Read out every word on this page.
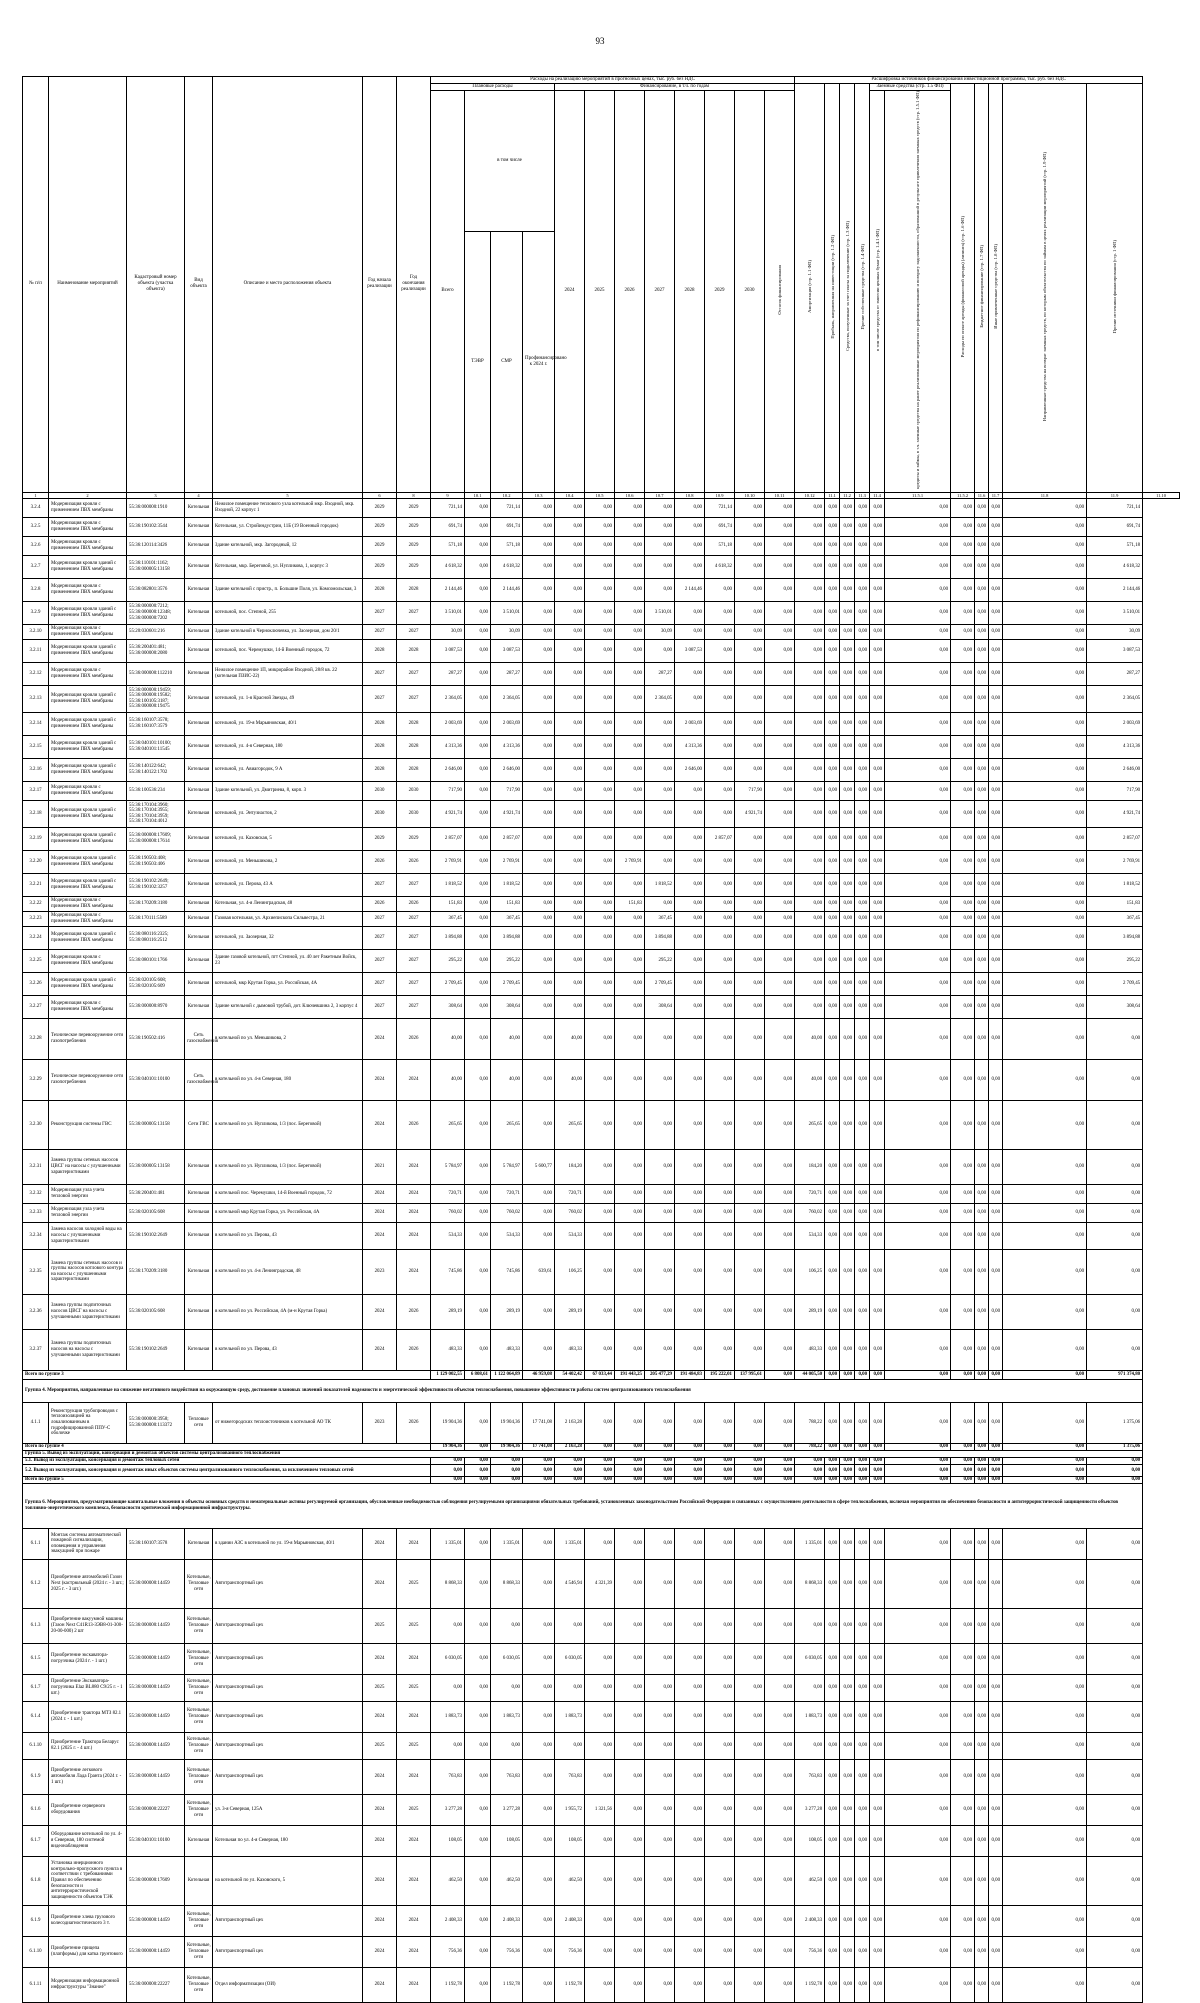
93
№ п/п	Наименование мероприятий	Кадастровый номер объекта (участка объекта)	Вид объекта	Описание и место расположения объекта	Год начала реализации	Год окончания реализации	Расходы на реализацию мероприятий в прогнозных ценах, тыс. руб. без НДС												Расшифровка источников финансирования инвестиционной программы, тыс. руб. без НДС											
							Плановые расходы				Финансирование, в т.ч. по годам								Амортизация (стр. 1.1 ФП)	Прибыль, направленная на инвестиции (стр. 1.2 ФП)	Средства, полученные за счет платы за подключение (стр. 1.3 ФП)	Прочие собственные средства (стр. 1.4 ФП)	Заемные средства (стр. 1.5 ФП)		Расходы по оплате аренды (финансовой аренды) (лизинга) (стр. 1.6 ФП)	Бюджетное финансирование (стр. 1.7 ФП)	Иные привлеченные средства (стр. 1.8 ФП)	Направленные средства на возврат заемных средств, по которым обязательства по займам в целях реализации мероприятий (стр. 1.9 ФП)	Прочие источники финансирования (стр. 1 ФП)	
							Всего	в том числе			2024	2025	2026	2027	2028	2029	2030	Остаток финансирования					в том числе средства от эмиссии ценных бумаг (стр. 1.4.1 ФП)	кредиты и займы, в т.ч. заемные средства на ранее реализованные мероприятия по рефинансированию и возврату задолженности, образованной в результате привлечения заемных средств (стр. 1.5.1 ФП)						
								ТЭВР	СМР	Профинансировано к 2024 г.																				
1	2	3	4	5	6	8	9	10.1	10.2	10.3	10.4	10.5	10.6	10.7	10.8	10.9	10.10	10.11	10.12	11.1	11.2	11.3	11.4	11.5.1	11.5.2	11.6	11.7	11.8	11.9	11.10
3.2.4	Модернизация кровли с применением ПВХ мембраны	55:36:000000:1910	Котельная	Нежилое помещение теплового узла котельной мкр. Входной, мкр. Входной, 22 корпус 1	2029	2029	721,14	0,00	721,14	0,00	0,00	0,00	0,00	0,00	0,00	721,14	0,00	0,00	0,00	0,00	0,00	0,00	0,00	0,00	0,00	0,00	0,00	0,00	721,14	
3.2.5	Модернизация кровли с применением ПВХ мембраны	55:36:190102:3544	Котельная	Котельная, ул. Стройиндустрии, 11Б (19 Военный городок)	2029	2029	691,74	0,00	691,74	0,00	0,00	0,00	0,00	0,00	0,00	691,74	0,00	0,00	0,00	0,00	0,00	0,00	0,00	0,00	0,00	0,00	0,00	0,00	691,74	
3.2.6	Модернизация кровли с применением ПВХ мембраны	55:36:120114:3426	Котельная	Здание котельной, мкр. Загородный, 12	2029	2029	571,18	0,00	571,18	0,00	0,00	0,00	0,00	0,00	0,00	571,18	0,00	0,00	0,00	0,00	0,00	0,00	0,00	0,00	0,00	0,00	0,00	0,00	571,18	
3.2.7	Модернизация кровли зданий с применением ПВХ мембраны	55:36:110101:1162; 55:36:000005:13158	Котельная	Котельная, мкр. Береговой, ул. Нупликова, 1, корпус 3	2029	2029	4 618,32	0,00	4 618,32	0,00	0,00	0,00	0,00	0,00	0,00	4 618,32	0,00	0,00	0,00	0,00	0,00	0,00	0,00	0,00	0,00	0,00	0,00	0,00	4 618,32	
3.2.8	Модернизация кровли с применением ПВХ мембраны	55:36:082801:3576	Котельная	Здание котельной с пристр., п. Большие Поля, ул. Комсомольская, 3	2028	2028	2 144,46	0,00	2 144,46	0,00	0,00	0,00	0,00	0,00	2 144,46	0,00	0,00	0,00	0,00	0,00	0,00	0,00	0,00	0,00	0,00	0,00	0,00	0,00	2 144,46	
3.2.9	Модернизация кровли зданий с применением ПВХ мембраны	55:36:000000:7212; 55:36:000000:12348; 55:36:000000:7202	Котельная	котельной, пос. Степной, 255	2027	2027	3 510,01	0,00	3 510,01	0,00	0,00	0,00	0,00	3 510,01	0,00	0,00	0,00	0,00	0,00	0,00	0,00	0,00	0,00	0,00	0,00	0,00	0,00	0,00	3 510,01	
3.2.10	Модернизация кровли с применением ПВХ мембраны	55:20:030601:216	Котельная	Здание котельной в Черноключевка, ул. Заозерная, дом 20/1	2027	2027	30,09	0,00	30,09	0,00	0,00	0,00	0,00	30,09	0,00	0,00	0,00	0,00	0,00	0,00	0,00	0,00	0,00	0,00	0,00	0,00	0,00	0,00	30,09	
3.2.11	Модернизация кровли зданий с применением ПВХ мембраны	55:36:200401:481; 55:36:000000:2080	Котельная	котельной, пос. Черемушки, 14-й Военный городок, 72	2028	2028	3 087,53	0,00	3 087,53	0,00	0,00	0,00	0,00	0,00	3 087,53	0,00	0,00	0,00	0,00	0,00	0,00	0,00	0,00	0,00	0,00	0,00	0,00	0,00	3 087,53	
3.2.12	Модернизация кровли с применением ПВХ мембраны	55:36:000000:112210	Котельная	Нежилое помещение 1П, микрорайон Входной, 28/8 кв. 22 (котельная ПЗИС-22)	2027	2027	287,27	0,00	287,27	0,00	0,00	0,00	0,00	287,27	0,00	0,00	0,00	0,00	0,00	0,00	0,00	0,00	0,00	0,00	0,00	0,00	0,00	0,00	287,27	
3.2.13	Модернизация кровли зданий с применением ПВХ мембраны	55:36:000000:19459; 55:36:000000:19582; 55:36:100105:3187; 55:36:000000:19475	Котельная	котельной, ул. 1-я Красной Звезды, 49	2027	2027	2 364,05	0,00	2 364,05	0,00	0,00	0,00	0,00	2 364,05	0,00	0,00	0,00	0,00	0,00	0,00	0,00	0,00	0,00	0,00	0,00	0,00	0,00	0,00	2 364,05	
3.2.14	Модернизация кровли зданий с применением ПВХ мембраны	55:36:160107:3578; 55:36:160107:3579	Котельная	котельной, ул. 19-я Марьяновская, 40/1	2028	2028	2 003,69	0,00	2 003,69	0,00	0,00	0,00	0,00	0,00	2 003,69	0,00	0,00	0,00	0,00	0,00	0,00	0,00	0,00	0,00	0,00	0,00	0,00	0,00	2 003,69	
3.2.15	Модернизация кровли зданий с применением ПВХ мембраны	55:36:040101:10100; 55:36:040101:11545	Котельная	котельной, ул. 4-я Северная, 180	2028	2028	4 313,36	0,00	4 313,36	0,00	0,00	0,00	0,00	0,00	4 313,36	0,00	0,00	0,00	0,00	0,00	0,00	0,00	0,00	0,00	0,00	0,00	0,00	0,00	4 313,36	
3.2.16	Модернизация кровли зданий с применением ПВХ мембраны	55:36:140122:642; 55:36:140122:1702	Котельная	котельной, ул. Авиагородок, 9 А	2028	2028	2 646,00	0,00	2 646,00	0,00	0,00	0,00	0,00	0,00	2 646,00	0,00	0,00	0,00	0,00	0,00	0,00	0,00	0,00	0,00	0,00	0,00	0,00	0,00	2 646,00	
3.2.17	Модернизация кровли с применением ПВХ мембраны	55:36:100536:234	Котельная	Здание котельной, ул. Дмитриева, 8, корп. 3	2030	2030	717,90	0,00	717,90	0,00	0,00	0,00	0,00	0,00	0,00	0,00	717,90	0,00	0,00	0,00	0,00	0,00	0,00	0,00	0,00	0,00	0,00	0,00	717,90	
3.2.18	Модернизация кровли зданий с применением ПВХ мембраны	55:36:170104:3960; 55:36:170104:3955; 55:36:170104:3959; 55:36:170104:4012	Котельная	котельной, ул. Энтузиастов, 2	2030	2030	4 921,74	0,00	4 921,74	0,00	0,00	0,00	0,00	0,00	0,00	0,00	4 921,74	0,00	0,00	0,00	0,00	0,00	0,00	0,00	0,00	0,00	0,00	0,00	4 921,74	
3.2.19	Модернизация кровли зданий с применением ПВХ мембраны	55:36:000000:17609; 55:36:000000:17614	Котельная	котельной, ул. Каховская, 5	2029	2029	2 857,07	0,00	2 857,07	0,00	0,00	0,00	0,00	0,00	0,00	2 857,07	0,00	0,00	0,00	0,00	0,00	0,00	0,00	0,00	0,00	0,00	0,00	0,00	2 857,07	
3.2.20	Модернизация кровли зданий с применением ПВХ мембраны	55:36:190503:408; 55:36:190503:406	Котельная	котельной, ул. Меньшикова, 2	2026	2026	2 769,91	0,00	2 769,91	0,00	0,00	0,00	2 769,91	0,00	0,00	0,00	0,00	0,00	0,00	0,00	0,00	0,00	0,00	0,00	0,00	0,00	0,00	0,00	2 769,91	
3.2.21	Модернизация кровли зданий с применением ПВХ мембраны	55:36:190102:2649; 55:36:190102:3257	Котельная	котельной, ул. Перова, 43 А	2027	2027	1 818,52	0,00	1 818,52	0,00	0,00	0,00	0,00	1 818,52	0,00	0,00	0,00	0,00	0,00	0,00	0,00	0,00	0,00	0,00	0,00	0,00	0,00	0,00	1 818,52	
3.2.22	Модернизация кровли с применением ПВХ мембраны	55:36:170209:3180	Котельная	Котельная, ул. 4-я Ленинградская, 48	2026	2026	151,83	0,00	151,83	0,00	0,00	0,00	151,83	0,00	0,00	0,00	0,00	0,00	0,00	0,00	0,00	0,00	0,00	0,00	0,00	0,00	0,00	0,00	151,83	
3.2.23	Модернизация кровли с применением ПВХ мембраны	55:36:170111:5589	Котельная	Газовая котельная, ул. Архиепископа Сильвестра, 21	2027	2027	367,45	0,00	367,45	0,00	0,00	0,00	0,00	367,45	0,00	0,00	0,00	0,00	0,00	0,00	0,00	0,00	0,00	0,00	0,00	0,00	0,00	0,00	367,45	
3.2.24	Модернизация кровли зданий с применением ПВХ мембраны	55:36:080116:2325; 55:36:080116:2512	Котельная	котельной, ул. Заозерная, 32	2027	2027	3 894,88	0,00	3 894,88	0,00	0,00	0,00	0,00	3 894,88	0,00	0,00	0,00	0,00	0,00	0,00	0,00	0,00	0,00	0,00	0,00	0,00	0,00	0,00	3 894,88	
3.2.25	Модернизация кровли с применением ПВХ мембраны	55:36:080101:1766	Котельная	Здание газовой котельной, пгт Степной, ул. 40 лет Ракетным Войск, 23	2027	2027	295,22	0,00	295,22	0,00	0,00	0,00	0,00	295,22	0,00	0,00	0,00	0,00	0,00	0,00	0,00	0,00	0,00	0,00	0,00	0,00	0,00	0,00	295,22	
3.2.26	Модернизация кровли зданий с применением ПВХ мембраны	55:36:020105:608; 55:36:020105:609	Котельная	котельной, мкр Крутая Горка, ул. Российская, 4А	2027	2027	2 709,45	0,00	2 709,45	0,00	0,00	0,00	0,00	2 709,45	0,00	0,00	0,00	0,00	0,00	0,00	0,00	0,00	0,00	0,00	0,00	0,00	0,00	0,00	2 709,45	
3.2.27	Модернизация кровли с применением ПВХ мембраны	55:36:000000:8970	Котельная	Здание котельной с дымовой трубой, дот. Ключевшина 2, 3 корпус 4	2027	2027	308,64	0,00	308,64	0,00	0,00	0,00	0,00	308,64	0,00	0,00	0,00	0,00	0,00	0,00	0,00	0,00	0,00	0,00	0,00	0,00	0,00	0,00	308,64	
3.2.28	Техническое перевооружение сети газопотребления	55:36:190502:416	Сеть газоснабжения	в котельной по ул. Меньшикова, 2	2024	2026	40,00	0,00	40,00	0,00	40,00	0,00	0,00	0,00	0,00	0,00	0,00	0,00	40,00	0,00	0,00	0,00	0,00	0,00	0,00	0,00	0,00	0,00	0,00	
3.2.29	Техническое перевооружение сети газопотребления	55:36:040101:10100	Сеть газоснабжения	в котельной по ул. 4-я Северная, 180	2024	2024	40,00	0,00	40,00	0,00	40,00	0,00	0,00	0,00	0,00	0,00	0,00	0,00	40,00	0,00	0,00	0,00	0,00	0,00	0,00	0,00	0,00	0,00	0,00	
3.2.30	Реконструкция системы ГВС	55:36:000005:13158	Сети ГВС	в котельной по ул. Нупликова, 1/3 (пос. Береговой)	2024	2026	265,65	0,00	265,65	0,00	265,65	0,00	0,00	0,00	0,00	0,00	0,00	0,00	265,65	0,00	0,00	0,00	0,00	0,00	0,00	0,00	0,00	0,00	0,00	
3.2.31	Замена группы сетевых насосов ЦВСГ на насосы с улучшенными характеристиками	55:36:000005:13158	Котельная	в котельной по ул. Нупликова, 1/3 (пос. Береговой)	2021	2024	5 784,97	0,00	5 784,97	5 600,77	184,20	0,00	0,00	0,00	0,00	0,00	0,00	0,00	184,20	0,00	0,00	0,00	0,00	0,00	0,00	0,00	0,00	0,00	0,00	
3.2.32	Модернизация узла учета тепловой энергии	55:36:200401:481	Котельная	в котельной пос. Черемушки, 14-й Военный городок, 72	2024	2024	720,71	0,00	720,71	0,00	720,71	0,00	0,00	0,00	0,00	0,00	0,00	0,00	720,71	0,00	0,00	0,00	0,00	0,00	0,00	0,00	0,00	0,00	0,00	
3.2.33	Модернизация узла учета тепловой энергии	55:36:020105:608	Котельная	в котельной мкр Крутая Горка, ул. Российская, 4А	2024	2024	760,02	0,00	760,02	0,00	760,02	0,00	0,00	0,00	0,00	0,00	0,00	0,00	760,02	0,00	0,00	0,00	0,00	0,00	0,00	0,00	0,00	0,00	0,00	
3.2.34	Замена насосов холодной воды на насосы с улучшенными характеристиками	55:36:190102:2649	Котельная	в котельной по ул. Перова, 43	2024	2024	534,33	0,00	534,33	0,00	534,33	0,00	0,00	0,00	0,00	0,00	0,00	0,00	534,33	0,00	0,00	0,00	0,00	0,00	0,00	0,00	0,00	0,00	0,00	
3.2.35	Замена группы сетевых насосов и группы насосов котлового контура на насосы с улучшенными характеристиками	55:36:170209:3180	Котельная	в котельной по ул. 4-я Ленинградская, 48	2023	2024	745,86	0,00	745,86	639,61	106,25	0,00	0,00	0,00	0,00	0,00	0,00	0,00	106,25	0,00	0,00	0,00	0,00	0,00	0,00	0,00	0,00	0,00	0,00	
3.2.36	Замена группы подпиточных насосов ЦВСГ на насосы с улучшенными характеристиками	55:36:020105:608	Котельная	в котельной по ул. Российская, 4А (м-н Крутая Горка)	2024	2026	289,19	0,00	289,19	0,00	289,19	0,00	0,00	0,00	0,00	0,00	0,00	0,00	289,19	0,00	0,00	0,00	0,00	0,00	0,00	0,00	0,00	0,00	0,00	
3.2.37	Замена группы подпиточных насосов на насосы с улучшенными характеристиками	55:36:190102:2649	Котельная	в котельной по ул. Перова, 43	2024	2026	483,33	0,00	483,33	0,00	483,33	0,00	0,00	0,00	0,00	0,00	0,00	0,00	483,33	0,00	0,00	0,00	0,00	0,00	0,00	0,00	0,00	0,00	0,00	
Всего по группе 3							1 129 002,55	6 808,61	1 122 064,89	46 959,08	54 402,42	67 033,44	191 443,25	205 477,29	191 484,83	195 222,01	137 995,61	0,00	44 005,50	0,00	0,00	0,00	0,00	0,00	0,00	0,00	0,00	0,00	971 374,80	
Группа 4. Мероприятия, направленные на снижение негативного воздействия на окружающую среду, достижение плановых значений показателей надежности и энергетической эффективности объектов теплоснабжения, повышение эффективности работы систем централизованного теплоснабжения																														
4.1.1	Реконструкция трубопроводов с теплоизоляцией на локализованным в гидрофицированной ППУ-С оболочке	55:36:000000:3958; 55:36:000000:113372	Тепловые сети	от нижегородских теплоисточников к котельной АО ТК	2023	2026	19 904,36	0,00	19 904,36	17 741,08	2 163,28	0,00	0,00	0,00	0,00	0,00	0,00	0,00	788,22	0,00	0,00	0,00	0,00	0,00	0,00	0,00	0,00	0,00	1 375,06	
Всего по группе 4							19 904,36	0,00	19 904,36	17 741,08	2 163,28	0,00	0,00	0,00	0,00	0,00	0,00	0,00	788,22	0,00	0,00	0,00	0,00	0,00	0,00	0,00	0,00	0,00	1 375,06	
Группа 5. Вывод из эксплуатации, консервация и демонтаж объектов системы централизованного теплоснабжения																														
5.1. Вывод из эксплуатации, консервация и демонтаж тепловых сетей							0,00	0,00	0,00	0,00	0,00	0,00	0,00	0,00	0,00	0,00	0,00	0,00	0,00	0,00	0,00	0,00	0,00	0,00	0,00	0,00	0,00	0,00	0,00	
5.2. Вывод из эксплуатации, консервация и демонтаж иных объектов системы централизованного теплоснабжения, за исключением тепловых сетей							0,00	0,00	0,00	0,00	0,00	0,00	0,00	0,00	0,00	0,00	0,00	0,00	0,00	0,00	0,00	0,00	0,00	0,00	0,00	0,00	0,00	0,00	0,00	
Всего по группе 5							0,00	0,00	0,00	0,00	0,00	0,00	0,00	0,00	0,00	0,00	0,00	0,00	0,00	0,00	0,00	0,00	0,00	0,00	0,00	0,00	0,00	0,00	0,00	
Группа 6. Мероприятия, предусматривающие капитальные вложения в объекты основных средств и нематериальные активы регулируемой организации, обусловленные необходимостью соблюдения регулируемыми организациями обязательных требований, установленных законодательством Российской Федерации и связанных с осуществлением деятельности в сфере теплоснабжения, включая мероприятия по обеспечению безопасности и антитеррористической защищенности объектов топливно-энергетического комплекса, безопасности критической информационной инфраструктуры.																														
6.1.1	Монтаж системы автоматической пожарной сигнализации, оповещения и управления эвакуацией при пожаре	55:36:160107:3578	Котельная	в здании АЗС в котельной по ул. 19-я Марьяновская, 40/1	2024	2024	1 335,01	0,00	1 335,01	0,00	1 335,01	0,00	0,00	0,00	0,00	0,00	0,00	0,00	1 335,01	0,00	0,00	0,00	0,00	0,00	0,00	0,00	0,00	0,00	0,00	
6.1.2	Приобретение автомобилей Газон Next (кастрюльный (2024 г. - 3 шт.; 2025 г. - 3 шт.)	55:36:000000:14459	Котельные, Тепловые сети	Автотранспортный цех	2024	2025	8 868,33	0,00	8 868,33	0,00	4 546,94	4 321,39	0,00	0,00	0,00	0,00	0,00	0,00	8 868,33	0,00	0,00	0,00	0,00	0,00	0,00	0,00	0,00	0,00	0,00	
6.1.3	Приобретение вакуумной машины (Газон Next C41R13-ЗЭВ8-01-300-20-00-000) 2 шт	55:36:000000:14459	Котельные, Тепловые сети	Автотранспортный цех	2025	2025	0,00	0,00	0,00	0,00	0,00	0,00	0,00	0,00	0,00	0,00	0,00	0,00	0,00	0,00	0,00	0,00	0,00	0,00	0,00	0,00	0,00	0,00	0,00	
6.1.5	Приобретение экскаватора-погрузчика (2024 г. - 1 шт.)	55:36:000000:14459	Котельные, Тепловые сети	Автотранспортный цех	2024	2024	6 030,05	0,00	6 030,05	0,00	6 030,05	0,00	0,00	0,00	0,00	0,00	0,00	0,00	6 030,05	0,00	0,00	0,00	0,00	0,00	0,00	0,00	0,00	0,00	0,00	
6.1.7	Приобретение Экскаватора-погрузчика Elaz BL880 C9/25 г. - 1 шт.)	55:36:000000:14459	Котельные, Тепловые сети	Автотранспортный цех	2025	2025	0,00	0,00	0,00	0,00	0,00	0,00	0,00	0,00	0,00	0,00	0,00	0,00	0,00	0,00	0,00	0,00	0,00	0,00	0,00	0,00	0,00	0,00	0,00	
6.1.4	Приобретение трактора МТЗ 82.1 (2024 г. - 1 шт.)	55:36:000000:14459	Котельные, Тепловые сети	Автотранспортный цех	2024	2024	1 883,73	0,00	1 883,73	0,00	1 883,73	0,00	0,00	0,00	0,00	0,00	0,00	0,00	1 883,73	0,00	0,00	0,00	0,00	0,00	0,00	0,00	0,00	0,00	0,00	
6.1.10	Приобретение Трактора Беларус 82.1 (2025 г. - 4 шт.)	55:36:000000:14459	Котельные, Тепловые сети	Автотранспортный цех	2025	2025	0,00	0,00	0,00	0,00	0,00	0,00	0,00	0,00	0,00	0,00	0,00	0,00	0,00	0,00	0,00	0,00	0,00	0,00	0,00	0,00	0,00	0,00	0,00	
6.1.9	Приобретение легкового автомобиля Лада Гранта (2024 г. - 1 шт.)	55:36:000000:14459	Котельные, Тепловые сети	Автотранспортный цех	2024	2024	763,83	0,00	763,83	0,00	763,83	0,00	0,00	0,00	0,00	0,00	0,00	0,00	763,83	0,00	0,00	0,00	0,00	0,00	0,00	0,00	0,00	0,00	0,00	
6.1.6	Приобретение серверного оборудования	55:36:000000:22227	Котельные, Тепловые сети	ул. 3-я Северная, 125А	2024	2025	3 277,28	0,00	3 277,28	0,00	1 955,72	1 321,56	0,00	0,00	0,00	0,00	0,00	0,00	3 277,28	0,00	0,00	0,00	0,00	0,00	0,00	0,00	0,00	0,00	0,00	
6.1.7	Оборудование котельной по ул. 4-я Северная, 180 системой видеонаблюдения	55:36:040101:10100	Котельная	Котельная по ул. 4-я Северная, 180	2024	2024	108,05	0,00	108,05	0,00	108,05	0,00	0,00	0,00	0,00	0,00	0,00	0,00	108,05	0,00	0,00	0,00	0,00	0,00	0,00	0,00	0,00	0,00	0,00	
6.1.8	Установка инерционного контрольно-пропускного пункта в соответствии с требованиями Правил по обеспечению безопасности и антитеррористической защищенности объектов ТЭК	55:36:000000:17609	Котельная	на котельной по ул. Каховского, 5	2024	2024	462,50	0,00	462,50	0,00	462,50	0,00	0,00	0,00	0,00	0,00	0,00	0,00	462,50	0,00	0,00	0,00	0,00	0,00	0,00	0,00	0,00	0,00	0,00	
6.1.9	Приобретение хлева грузового колесодиагностического 3 т.	55:36:000000:14459	Котельные, Тепловые сети	Автотранспортный цех	2024	2024	2 408,33	0,00	2 408,33	0,00	2 408,33	0,00	0,00	0,00	0,00	0,00	0,00	0,00	2 408,33	0,00	0,00	0,00	0,00	0,00	0,00	0,00	0,00	0,00	0,00	
6.1.10	Приобретение прицепа (платформы) для катка грунтового	55:36:000000:14459	Котельные, Тепловые сети	Автотранспортный цех	2024	2024	756,36	0,00	756,36	0,00	756,36	0,00	0,00	0,00	0,00	0,00	0,00	0,00	756,36	0,00	0,00	0,00	0,00	0,00	0,00	0,00	0,00	0,00	0,00	
6.1.11	Модернизация информационной инфраструктуры "Знание"	55:36:000000:22227	Котельные, Тепловые сети	Отдел информатизации (ОИ)	2024	2024	1 192,78	0,00	1 192,78	0,00	1 192,78	0,00	0,00	0,00	0,00	0,00	0,00	0,00	1 192,78	0,00	0,00	0,00	0,00	0,00	0,00	0,00	0,00	0,00	0,00	
